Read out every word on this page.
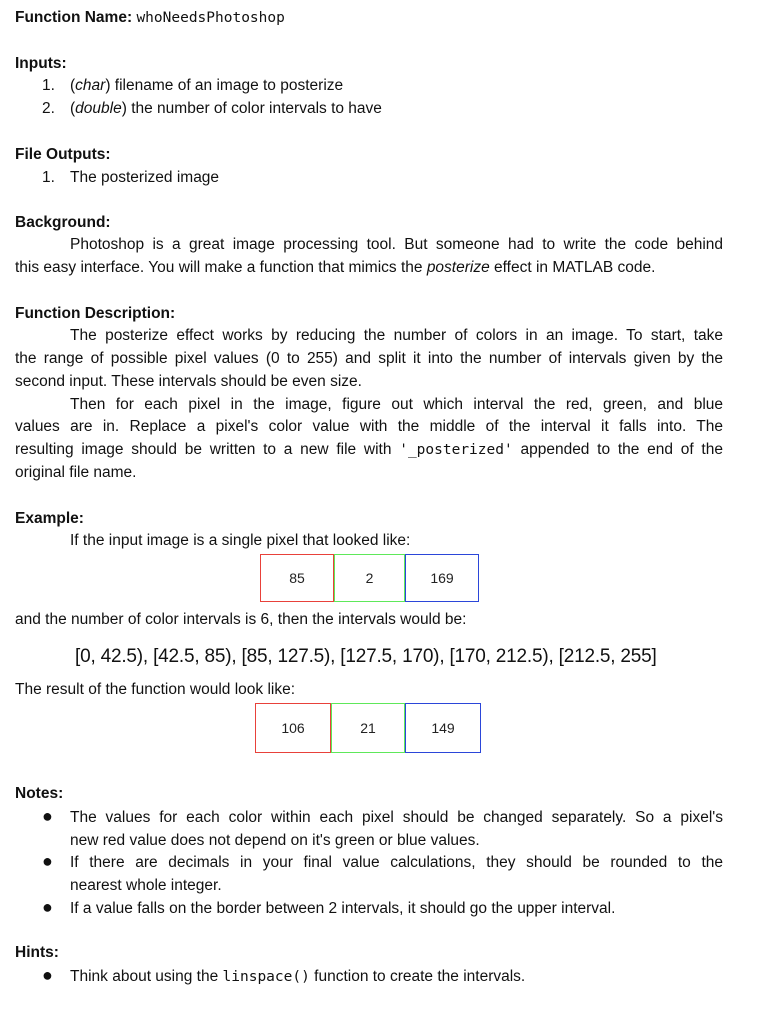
Function Name: whoNeedsPhotoshop
Inputs:
1. (char) filename of an image to posterize
2. (double) the number of color intervals to have
File Outputs:
1. The posterized image
Background:
Photoshop is a great image processing tool. But someone had to write the code behind
this easy interface. You will make a function that mimics the posterize effect in MATLAB code.
Function Description:
The posterize effect works by reducing the number of colors in an image. To start, take
the range of possible pixel values (0 to 255) and split it into the number of intervals given by the
second input. These intervals should be even size.
Then for each pixel in the image, figure out which interval the red, green, and blue
values are in. Replace a pixel's color value with the middle of the interval it falls into. The
resulting image should be written to a new file with '_posterized' appended to the end of the
original file name.
Example:
If the input image is a single pixel that looked like:
85	2	169
and the number of color intervals is 6, then the intervals would be:
[0, 42.5), [42.5, 85), [85, 127.5), [127.5, 170), [170, 212.5), [212.5, 255]
The result of the function would look like:
106	21	149
Notes:
● The values for each color within each pixel should be changed separately. So a pixel's
new red value does not depend on it's green or blue values.
● If there are decimals in your final value calculations, they should be rounded to the
nearest whole integer.
● If a value falls on the border between 2 intervals, it should go the upper interval.
Hints:
● Think about using the linspace() function to create the intervals.
